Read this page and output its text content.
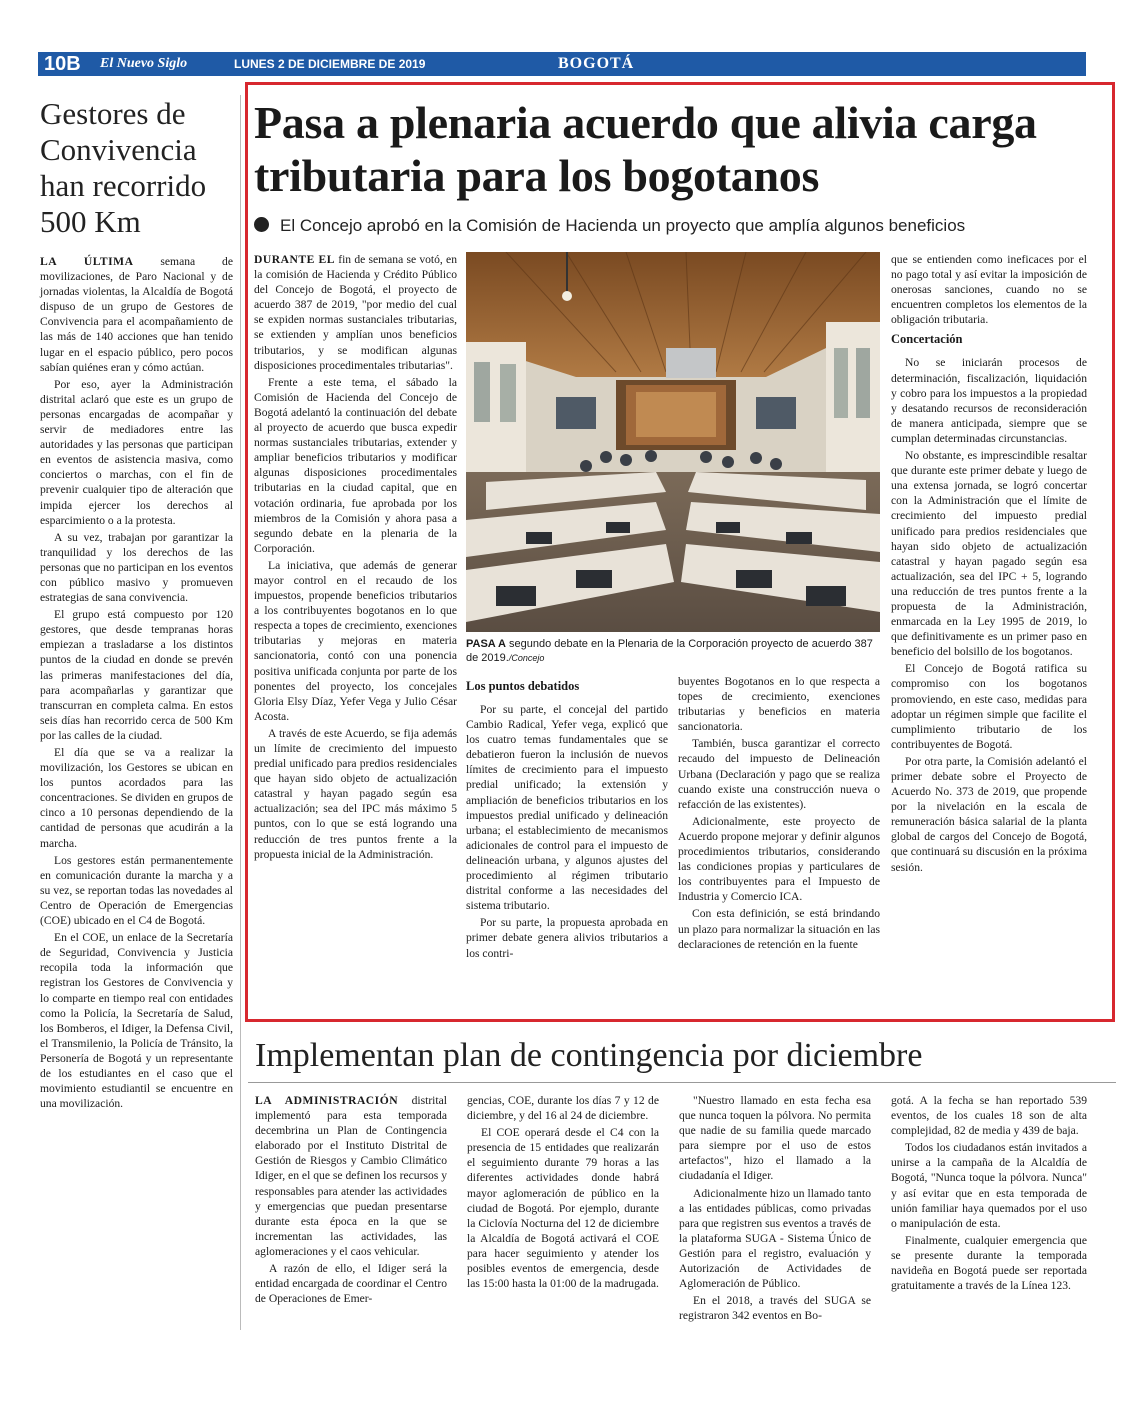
10B El Nuevo Siglo	LUNES 2 DE DICIEMBRE DE 2019	BOGOTÁ
Gestores de Convivencia han recorrido 500 Km

LA ÚLTIMA semana de movilizaciones, de Paro Nacional y de jornadas violentas, la Alcaldía de Bogotá dispuso de un grupo de Gestores de Convivencia para el acompañamiento de las más de 140 acciones que han tenido lugar en el espacio público, pero pocos sabían quiénes eran y cómo actúan.

Por eso, ayer la Administración distrital aclaró que este es un grupo de personas encargadas de acompañar y servir de mediadores entre las autoridades y las personas que participan en eventos de asistencia masiva, como conciertos o marchas, con el fin de prevenir cualquier tipo de alteración que impida ejercer los derechos al esparcimiento o a la protesta.

A su vez, trabajan por garantizar la tranquilidad y los derechos de las personas que no participan en los eventos con público masivo y promueven estrategias de sana convivencia.

El grupo está compuesto por 120 gestores, que desde tempranas horas empiezan a trasladarse a los distintos puntos de la ciudad en donde se prevén las primeras manifestaciones del día, para acompañarlas y garantizar que transcurran en completa calma. En estos seis días han recorrido cerca de 500 Km por las calles de la ciudad.

El día que se va a realizar la movilización, los Gestores se ubican en los puntos acordados para las concentraciones. Se dividen en grupos de cinco a 10 personas dependiendo de la cantidad de personas que acudirán a la marcha.

Los gestores están permanentemente en comunicación durante la marcha y a su vez, se reportan todas las novedades al Centro de Operación de Emergencias (COE) ubicado en el C4 de Bogotá.

En el COE, un enlace de la Secretaría de Seguridad, Convivencia y Justicia recopila toda la información que registran los Gestores de Convivencia y lo comparte en tiempo real con entidades como la Policía, la Secretaría de Salud, los Bomberos, el Idiger, la Defensa Civil, el Transmilenio, la Policía de Tránsito, la Personería de Bogotá y un representante de los estudiantes en el caso que el movimiento estudiantil se encuentre en una movilización.

Pasa a plenaria acuerdo que alivia carga tributaria para los bogotanos
El Concejo aprobó en la Comisión de Hacienda un proyecto que amplía algunos beneficios

DURANTE EL fin de semana se votó, en la comisión de Hacienda y Crédito Público del Concejo de Bogotá, el proyecto de acuerdo 387 de 2019, "por medio del cual se expiden normas sustanciales tributarias, se extienden y amplían unos beneficios tributarios, y se modifican algunas disposiciones procedimentales tributarias".

Frente a este tema, el sábado la Comisión de Hacienda del Concejo de Bogotá adelantó la continuación del debate al proyecto de acuerdo que busca expedir normas sustanciales tributarias, extender y ampliar beneficios tributarios y modificar algunas disposiciones procedimentales tributarias en la ciudad capital, que en votación ordinaria, fue aprobada por los miembros de la Comisión y ahora pasa a segundo debate en la plenaria de la Corporación.

La iniciativa, que además de generar mayor control en el recaudo de los impuestos, propende beneficios tributarios a los contribuyentes bogotanos en lo que respecta a topes de crecimiento, exenciones tributarias y mejoras en materia sancionatoria, contó con una ponencia positiva unificada conjunta por parte de los ponentes del proyecto, los concejales Gloria Elsy Díaz, Yefer Vega y Julio César Acosta.

A través de este Acuerdo, se fija además un límite de crecimiento del impuesto predial unificado para predios residenciales que hayan sido objeto de actualización catastral y hayan pagado según esa actualización; sea del IPC más máximo 5 puntos, con lo que se está logrando una reducción de tres puntos frente a la propuesta inicial de la Administración.

PASA A segundo debate en la Plenaria de la Corporación proyecto de acuerdo 387 de 2019./Concejo
Los puntos debatidos

Por su parte, el concejal del partido Cambio Radical, Yefer vega, explicó que los cuatro temas fundamentales que se debatieron fueron la inclusión de nuevos límites de crecimiento para el impuesto predial unificado; la extensión y ampliación de beneficios tributarios en los impuestos predial unificado y delineación urbana; el establecimiento de mecanismos adicionales de control para el impuesto de delineación urbana, y algunos ajustes del procedimiento al régimen tributario distrital conforme a las necesidades del sistema tributario.

Por su parte, la propuesta aprobada en primer debate genera alivios tributarios a los contri-

buyentes Bogotanos en lo que respecta a topes de crecimiento, exenciones tributarias y beneficios en materia sancionatoria.

También, busca garantizar el correcto recaudo del impuesto de Delineación Urbana (Declaración y pago que se realiza cuando existe una construcción nueva o refacción de las existentes).

Adicionalmente, este proyecto de Acuerdo propone mejorar y definir algunos procedimientos tributarios, considerando las condiciones propias y particulares de los contribuyentes para el Impuesto de Industria y Comercio ICA.

Con esta definición, se está brindando un plazo para normalizar la situación en las declaraciones de retención en la fuente

que se entienden como ineficaces por el no pago total y así evitar la imposición de onerosas sanciones, cuando no se encuentren completos los elementos de la obligación tributaria.

Concertación

No se iniciarán procesos de determinación, fiscalización, liquidación y cobro para los impuestos a la propiedad y desatando recursos de reconsideración de manera anticipada, siempre que se cumplan determinadas circunstancias.

No obstante, es imprescindible resaltar que durante este primer debate y luego de una extensa jornada, se logró concertar con la Administración que el límite de crecimiento del impuesto predial unificado para predios residenciales que hayan sido objeto de actualización catastral y hayan pagado según esa actualización, sea del IPC + 5, logrando una reducción de tres puntos frente a la propuesta de la Administración, enmarcada en la Ley 1995 de 2019, lo que definitivamente es un primer paso en beneficio del bolsillo de los bogotanos.

El Concejo de Bogotá ratifica su compromiso con los bogotanos promoviendo, en este caso, medidas para adoptar un régimen simple que facilite el cumplimiento tributario de los contribuyentes de Bogotá.

Por otra parte, la Comisión adelantó el primer debate sobre el Proyecto de Acuerdo No. 373 de 2019, que propende por la nivelación en la escala de remuneración básica salarial de la planta global de cargos del Concejo de Bogotá, que continuará su discusión en la próxima sesión.

Implementan plan de contingencia por diciembre

LA ADMINISTRACIÓN distrital implementó para esta temporada decembrina un Plan de Contingencia elaborado por el Instituto Distrital de Gestión de Riesgos y Cambio Climático Idiger, en el que se definen los recursos y responsables para atender las actividades y emergencias que puedan presentarse durante esta época en la que se incrementan las actividades, las aglomeraciones y el caos vehicular.

A razón de ello, el Idiger será la entidad encargada de coordinar el Centro de Operaciones de Emer-

gencias, COE, durante los días 7 y 12 de diciembre, y del 16 al 24 de diciembre.

El COE operará desde el C4 con la presencia de 15 entidades que realizarán el seguimiento durante 79 horas a las diferentes actividades donde habrá mayor aglomeración de público en la ciudad de Bogotá. Por ejemplo, durante la Ciclovía Nocturna del 12 de diciembre la Alcaldía de Bogotá activará el COE para hacer seguimiento y atender los posibles eventos de emergencia, desde las 15:00 hasta la 01:00 de la madrugada.

"Nuestro llamado en esta fecha esa que nunca toquen la pólvora. No permita que nadie de su familia quede marcado para siempre por el uso de estos artefactos", hizo el llamado a la ciudadanía el Idiger.

Adicionalmente hizo un llamado tanto a las entidades públicas, como privadas para que registren sus eventos a través de la plataforma SUGA - Sistema Único de Gestión para el registro, evaluación y Autorización de Actividades de Aglomeración de Público.

En el 2018, a través del SUGA se registraron 342 eventos en Bo-

gotá. A la fecha se han reportado 539 eventos, de los cuales 18 son de alta complejidad, 82 de media y 439 de baja.

Todos los ciudadanos están invitados a unirse a la campaña de la Alcaldía de Bogotá, "Nunca toque la pólvora. Nunca" y así evitar que en esta temporada de unión familiar haya quemados por el uso o manipulación de esta.

Finalmente, cualquier emergencia que se presente durante la temporada navideña en Bogotá puede ser reportada gratuitamente a través de la Línea 123.
